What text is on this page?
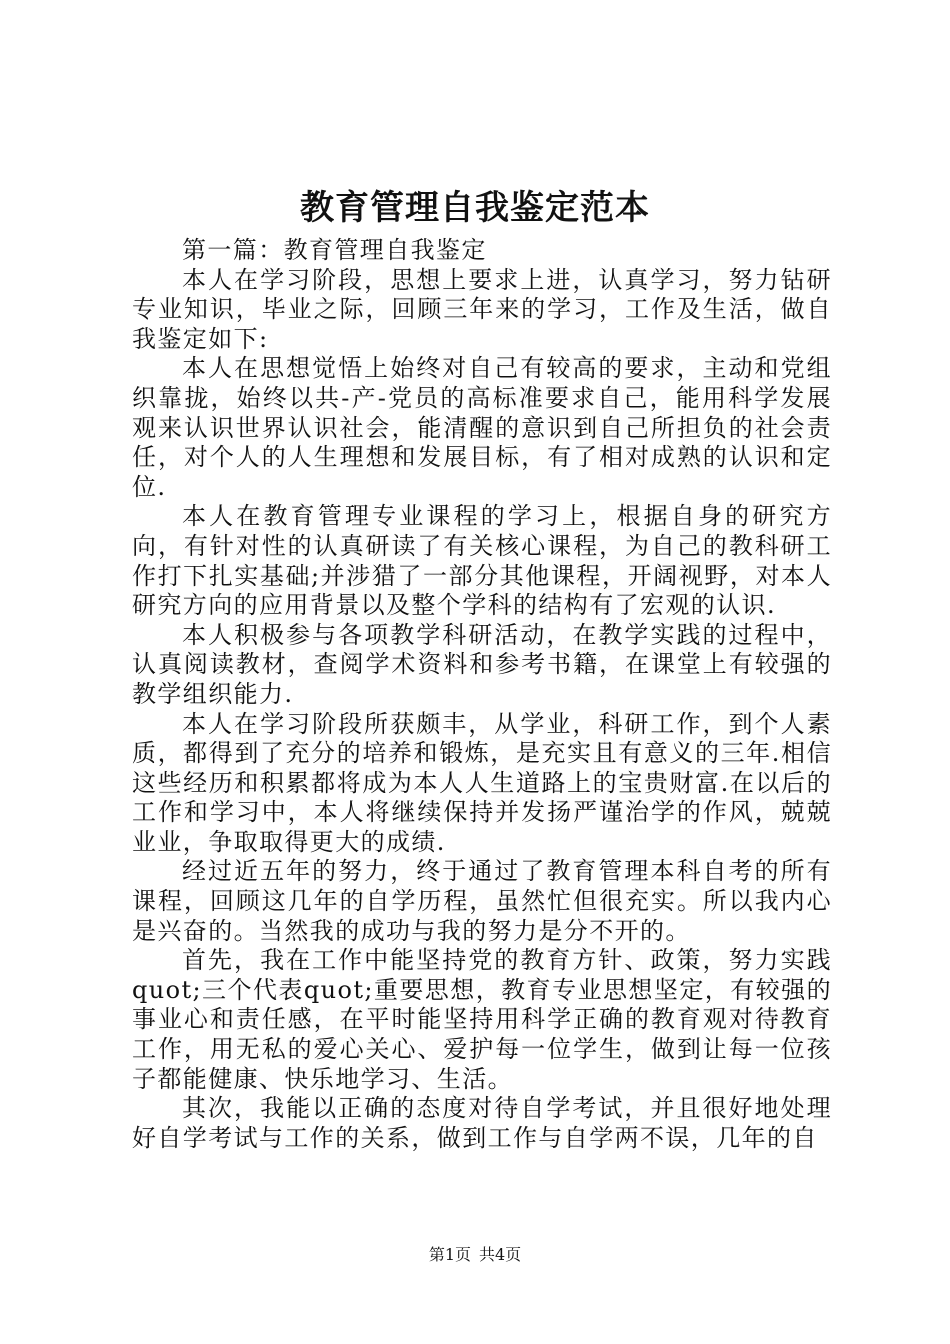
教育管理自我鉴定范本

第一篇：教育管理自我鉴定

本人在学习阶段，思想上要求上进，认真学习，努力钻研专业知识，毕业之际，回顾三年来的学习，工作及生活，做自我鉴定如下:

本人在思想觉悟上始终对自己有较高的要求，主动和党组织靠拢，始终以共-产-党员的高标准要求自己，能用科学发展观来认识世界认识社会，能清醒的意识到自己所担负的社会责任，对个人的人生理想和发展目标，有了相对成熟的认识和定位.

本人在教育管理专业课程的学习上，根据自身的研究方向，有针对性的认真研读了有关核心课程，为自己的教科研工作打下扎实基础;并涉猎了一部分其他课程，开阔视野，对本人研究方向的应用背景以及整个学科的结构有了宏观的认识.

本人积极参与各项教学科研活动，在教学实践的过程中，认真阅读教材，查阅学术资料和参考书籍，在课堂上有较强的教学组织能力.

本人在学习阶段所获颇丰，从学业，科研工作，到个人素质，都得到了充分的培养和锻炼，是充实且有意义的三年.相信这些经历和积累都将成为本人人生道路上的宝贵财富.在以后的工作和学习中，本人将继续保持并发扬严谨治学的作风，兢兢业业，争取取得更大的成绩.

经过近五年的努力，终于通过了教育管理本科自考的所有课程，回顾这几年的自学历程，虽然忙但很充实。所以我内心是兴奋的。当然我的成功与我的努力是分不开的。

首先，我在工作中能坚持党的教育方针、政策，努力实践quot;三个代表quot;重要思想，教育专业思想坚定，有较强的事业心和责任感，在平时能坚持用科学正确的教育观对待教育工作，用无私的爱心关心、爱护每一位学生，做到让每一位孩子都能健康、快乐地学习、生活。

其次，我能以正确的态度对待自学考试，并且很好地处理好自学考试与工作的关系，做到工作与自学两不误，几年的自

第1页 共4页
